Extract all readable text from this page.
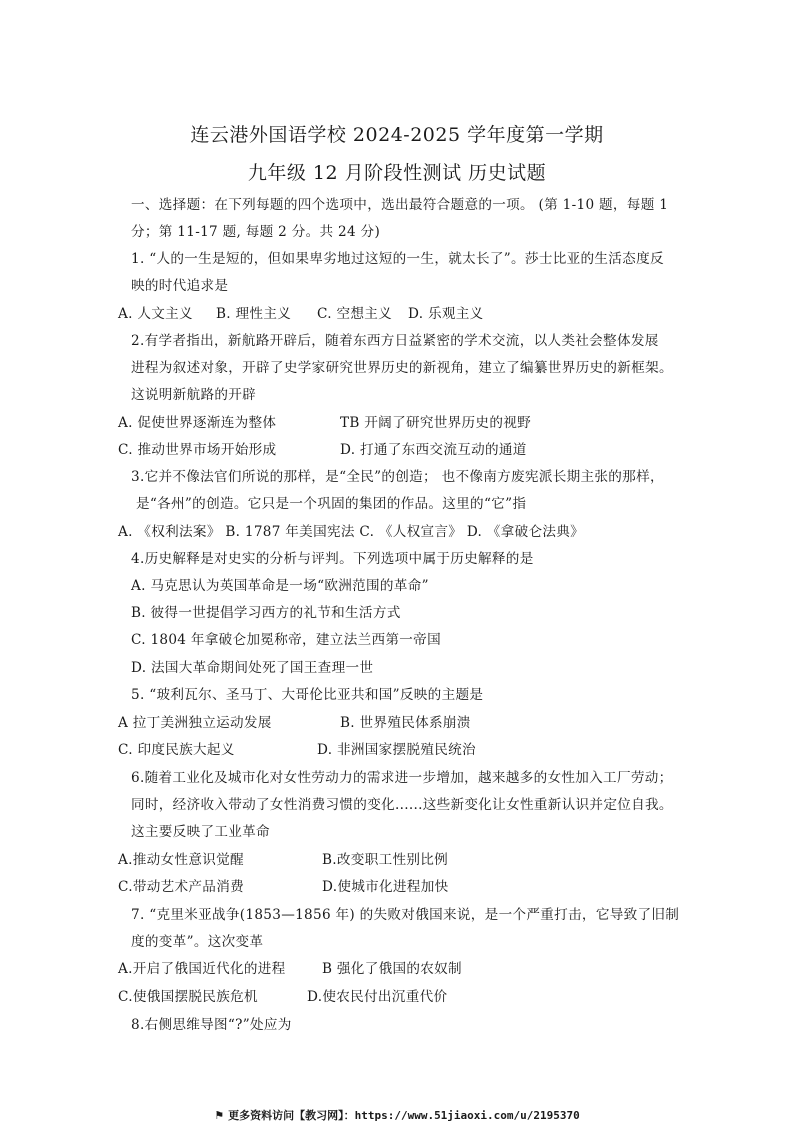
连云港外国语学校 2024-2025 学年度第一学期
九年级 12 月阶段性测试 历史试题
一、选择题：在下列每题的四个选项中，选出最符合题意的一项。 (第 1-10 题，每题 1
分；第 11-17 题, 每题 2 分。共 24 分)
1. “人的一生是短的，但如果卑劣地过这短的一生，就太长了”。莎士比亚的生活态度反
映的时代追求是
A. 人文主义 B. 理性主义 C. 空想主义 D. 乐观主义
2.有学者指出，新航路开辟后，随着东西方日益紧密的学术交流，以人类社会整体发展
进程为叙述对象，开辟了史学家研究世界历史的新视角，建立了编纂世界历史的新框架。
这说明新航路的开辟
A. 促使世界逐渐连为整体	TB 开阔了研究世界历史的视野
C. 推动世界市场开始形成	D. 打通了东西交流互动的通道
3.它并不像法官们所说的那样，是“全民”的创造； 也不像南方废宪派长期主张的那样，
是“各州”的创造。它只是一个巩固的集团的作品。这里的“它”指
A. 《权利法案》 B. 1787 年美国宪法 C. 《人权宣言》 D. 《拿破仑法典》
4.历史解释是对史实的分析与评判。下列选项中属于历史解释的是
A. 马克思认为英国革命是一场“欧洲范围的革命”
B. 彼得一世提倡学习西方的礼节和生活方式
C. 1804 年拿破仑加冕称帝，建立法兰西第一帝国
D. 法国大革命期间处死了国王查理一世
5. “玻利瓦尔、圣马丁、大哥伦比亚共和国”反映的主题是
A 拉丁美洲独立运动发展	B. 世界殖民体系崩溃
C. 印度民族大起义	D. 非洲国家摆脱殖民统治
6.随着工业化及城市化对女性劳动力的需求进一步增加，越来越多的女性加入工厂劳动；
同时，经济收入带动了女性消费习惯的变化......这些新变化让女性重新认识并定位自我。
这主要反映了工业革命
A.推动女性意识觉醒	B.改变职工性别比例
C.带动艺术产品消费	D.使城市化进程加快
7. “克里米亚战争(1853—1856 年) 的失败对俄国来说，是一个严重打击，它导致了旧制
度的变革”。这次变革
A.开启了俄国近代化的进程	B 强化了俄国的农奴制
C.使俄国摆脱民族危机	D.使农民付出沉重代价
8.右侧思维导图“?”处应为
⚑ 更多资料访问【教习网】：https://www.51jiaoxi.com/u/2195370
